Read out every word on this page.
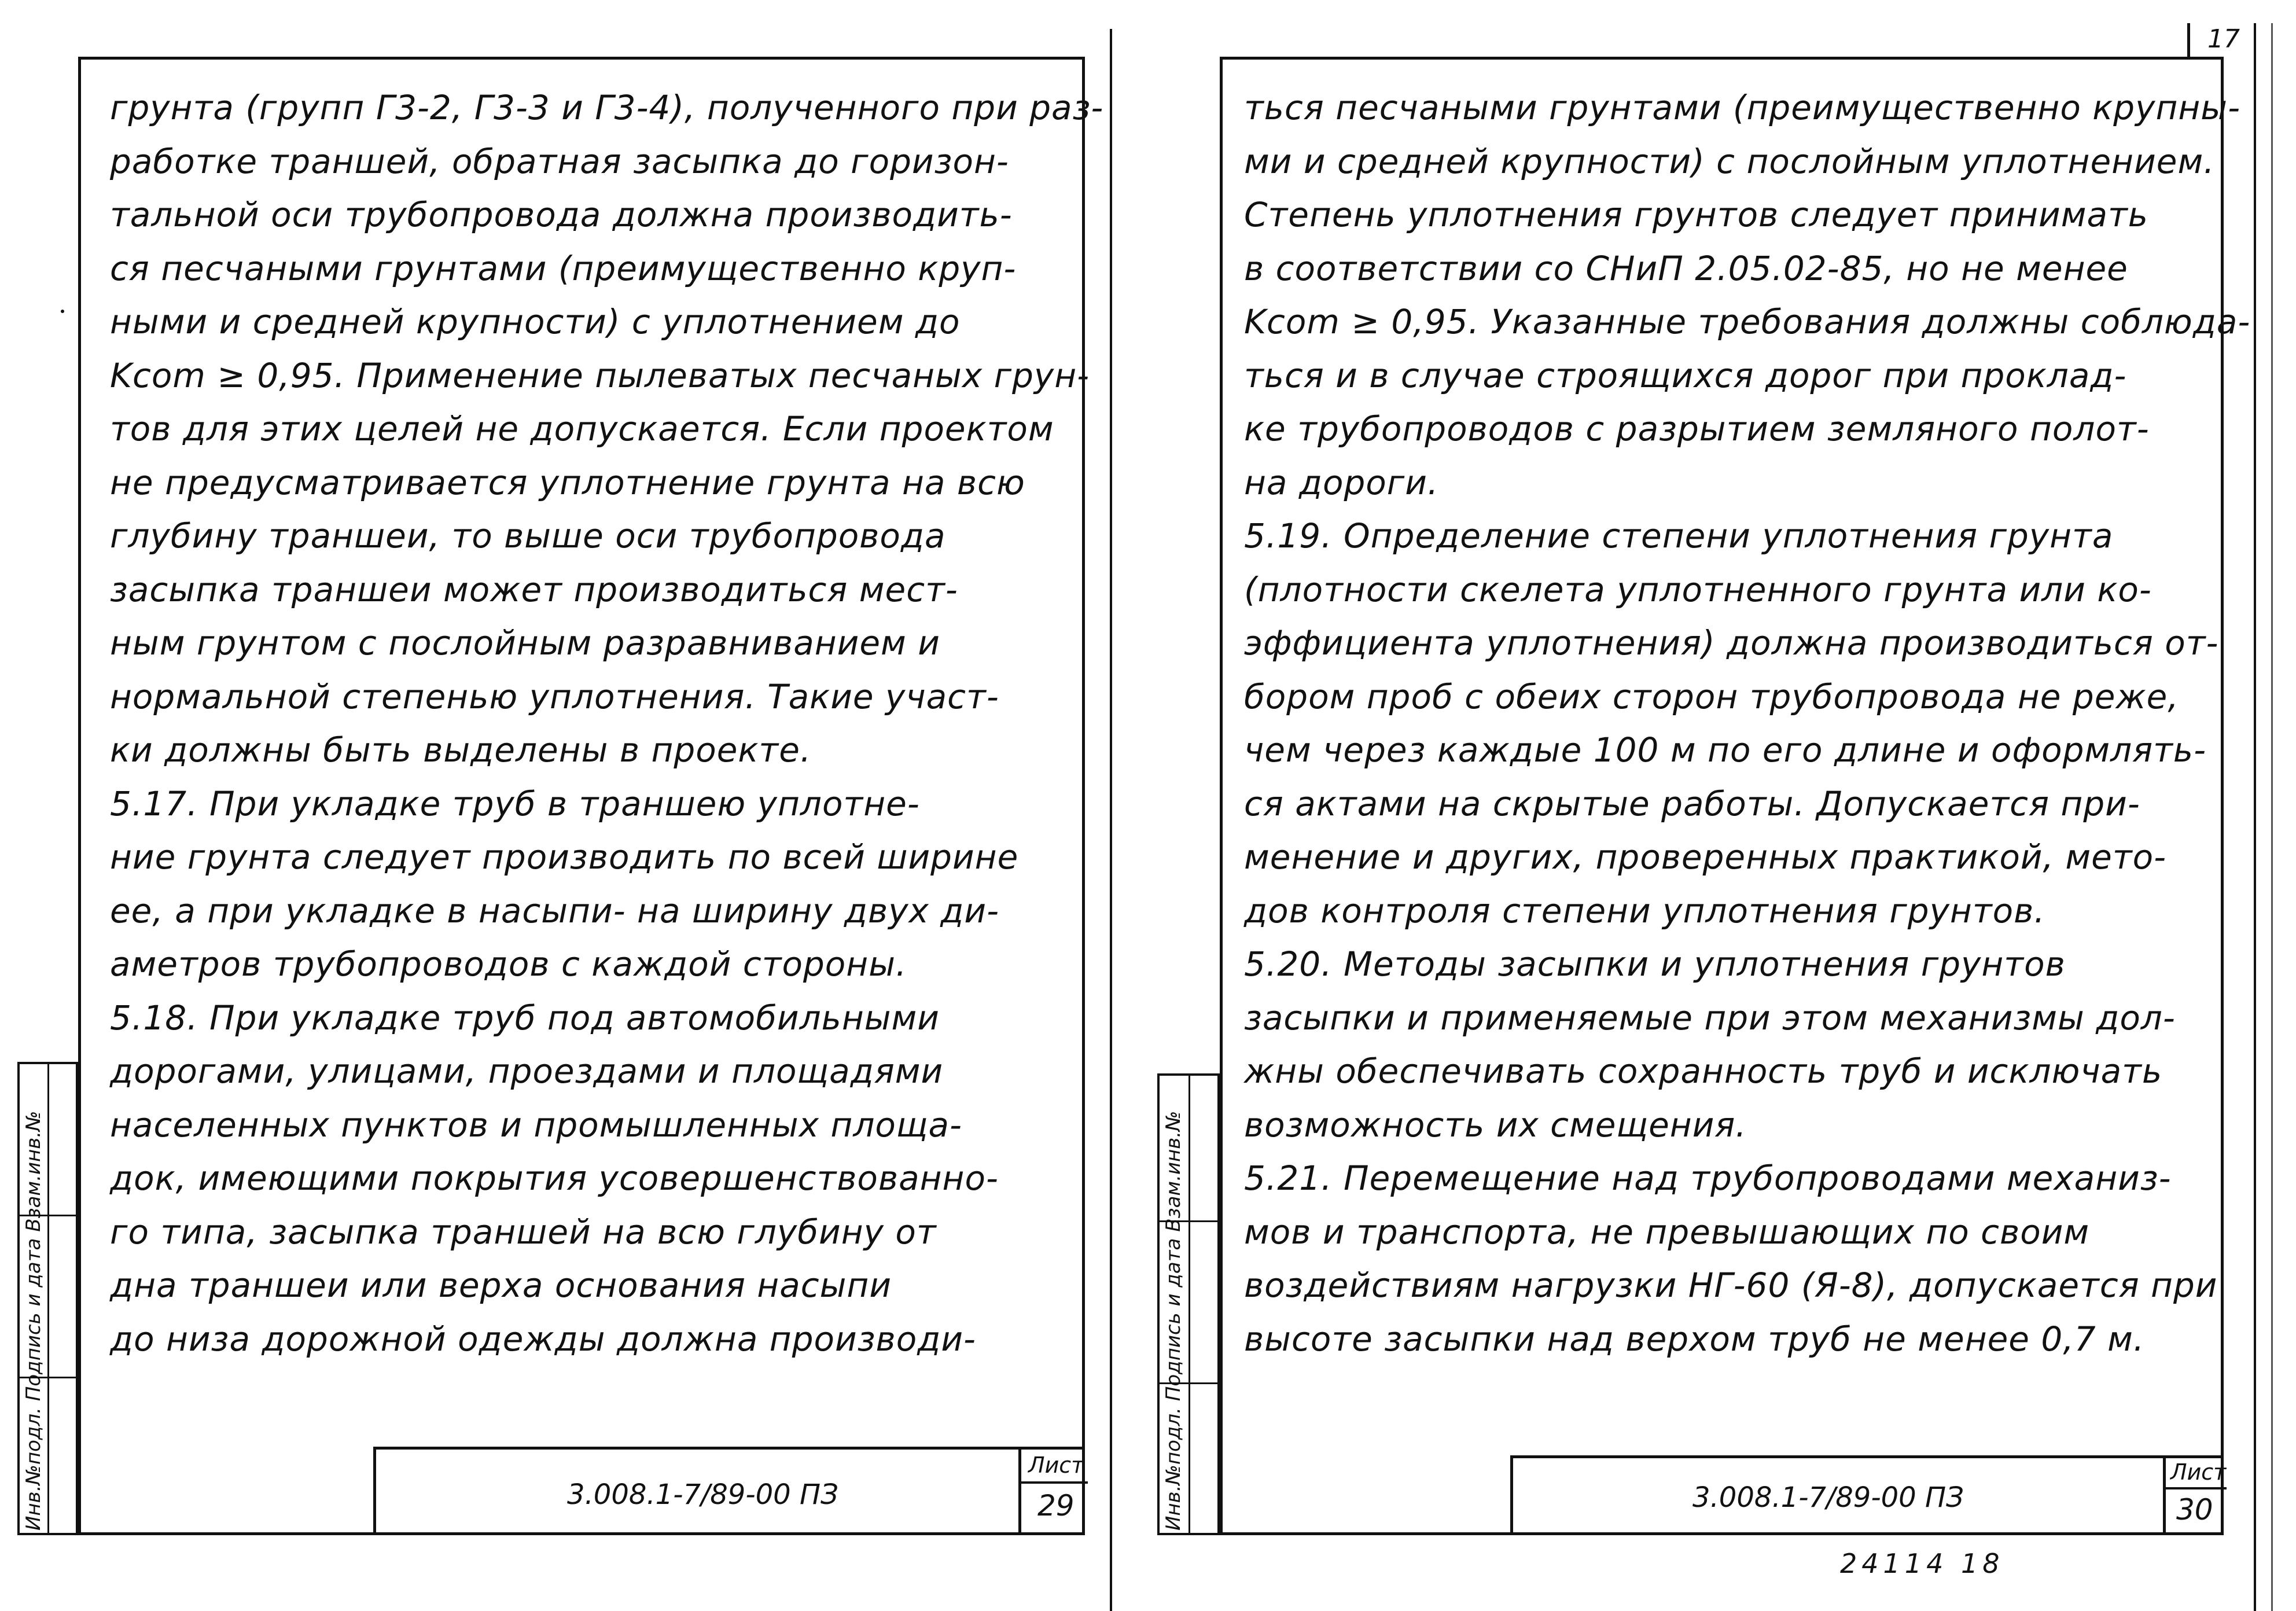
грунта (групп Г3-2, Г3-3 и Г3-4), полученного при раз-
работке траншей, обратная засыпка до горизон-
тальной оси трубопровода должна производить-
ся песчаными грунтами (преимущественно круп-
ными и средней крупности) с уплотнением до
Kcom ≥ 0,95. Применение пылеватых песчаных грун-
тов для этих целей не допускается. Если проектом
не предусматривается уплотнение грунта на всю
глубину траншеи, то выше оси трубопровода
засыпка траншеи может производиться мест-
ным грунтом с послойным разравниванием и
нормальной степенью уплотнения. Такие участ-
ки должны быть выделены в проекте.
5.17. При укладке труб в траншею уплотне-
ние грунта следует производить по всей ширине
ее, а при укладке в насыпи- на ширину двух ди-
аметров трубопроводов с каждой стороны.
5.18. При укладке труб под автомобильными
дорогами, улицами, проездами и площадями
населенных пунктов и промышленных площа-
док, имеющими покрытия усовершенствованно-
го типа, засыпка траншей на всю глубину от
дна траншеи или верха основания насыпи
до низа дорожной одежды должна производи-
Инв.№подл. Подпись и дата Взам.инв.№	3.008.1-7/89-00 ПЗ
Лист
29
ться песчаными грунтами (преимущественно крупны-
ми и средней крупности) с послойным уплотнением.
Степень уплотнения грунтов следует принимать
в соответствии со СНиП 2.05.02-85, но не менее
Kcom ≥ 0,95. Указанные требования должны соблюда-
ться и в случае строящихся дорог при проклад-
ке трубопроводов с разрытием земляного полот-
на дороги.
5.19. Определение степени уплотнения грунта
(плотности скелета уплотненного грунта или ко-
эффициента уплотнения) должна производиться от-
бором проб с обеих сторон трубопровода не реже,
чем через каждые 100 м по его длине и оформлять-
ся актами на скрытые работы. Допускается при-
менение и других, проверенных практикой, мето-
дов контроля степени уплотнения грунтов.
5.20. Методы засыпки и уплотнения грунтов
засыпки и применяемые при этом механизмы дол-
жны обеспечивать сохранность труб и исключать
возможность их смещения.
5.21. Перемещение над трубопроводами механиз-
мов и транспорта, не превышающих по своим
воздействиям нагрузки НГ-60 (Я-8), допускается при
высоте засыпки над верхом труб не менее 0,7 м.
Инв.№подл. Подпись и дата Взам.инв.№	3.008.1-7/89-00 ПЗ
Лист
30
17
24114 18
